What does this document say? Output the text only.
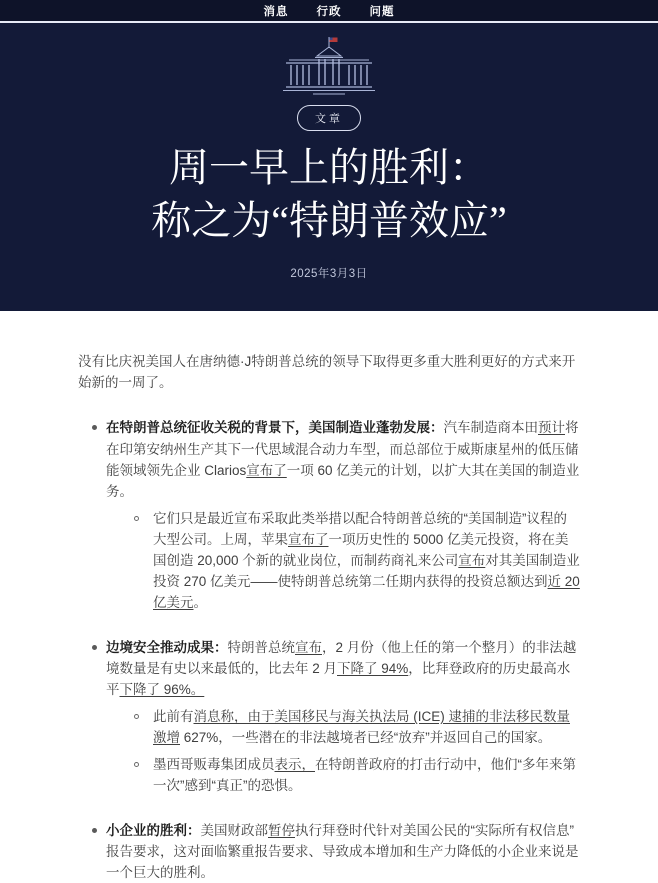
消息 行政 问题
文章
周一早上的胜利：
称之为“特朗普效应”
2025年3月3日
没有比庆祝美国人在唐纳德·J特朗普总统的领导下取得更多重大胜利更好的方式来开始新的一周了。
在特朗普总统征收关税的背景下，美国制造业蓬勃发展：汽车制造商本田预计将在印第安纳州生产其下一代思域混合动力车型，而总部位于威斯康星州的低压储能领域领先企业 Clarios宣布了一项 60 亿美元的计划，以扩大其在美国的制造业务。
它们只是最近宣布采取此类举措以配合特朗普总统的“美国制造”议程的大型公司。上周，苹果宣布了一项历史性的 5000 亿美元投资，将在美国创造 20,000 个新的就业岗位，而制药商礼来公司宣布对其美国制造业投资 270 亿美元——使特朗普总统第二任期内获得的投资总额达到近 20 亿美元。
边境安全推动成果：特朗普总统宣布，2 月份（他上任的第一个整月）的非法越境数量是有史以来最低的，比去年 2 月下降了 94%，比拜登政府的历史最高水平下降了 96%。
此前有消息称，由于美国移民与海关执法局 (ICE) 逮捕的非法移民数量激增 627%，一些潜在的非法越境者已经“放弃”并返回自己的国家。
墨西哥贩毒集团成员表示，在特朗普政府的打击行动中，他们“多年来第一次”感到“真正”的恐惧。
小企业的胜利：美国财政部暂停执行拜登时代针对美国公民的“实际所有权信息”报告要求，这对面临繁重报告要求、导致成本增加和生产力降低的小企业来说是一个巨大的胜利。
